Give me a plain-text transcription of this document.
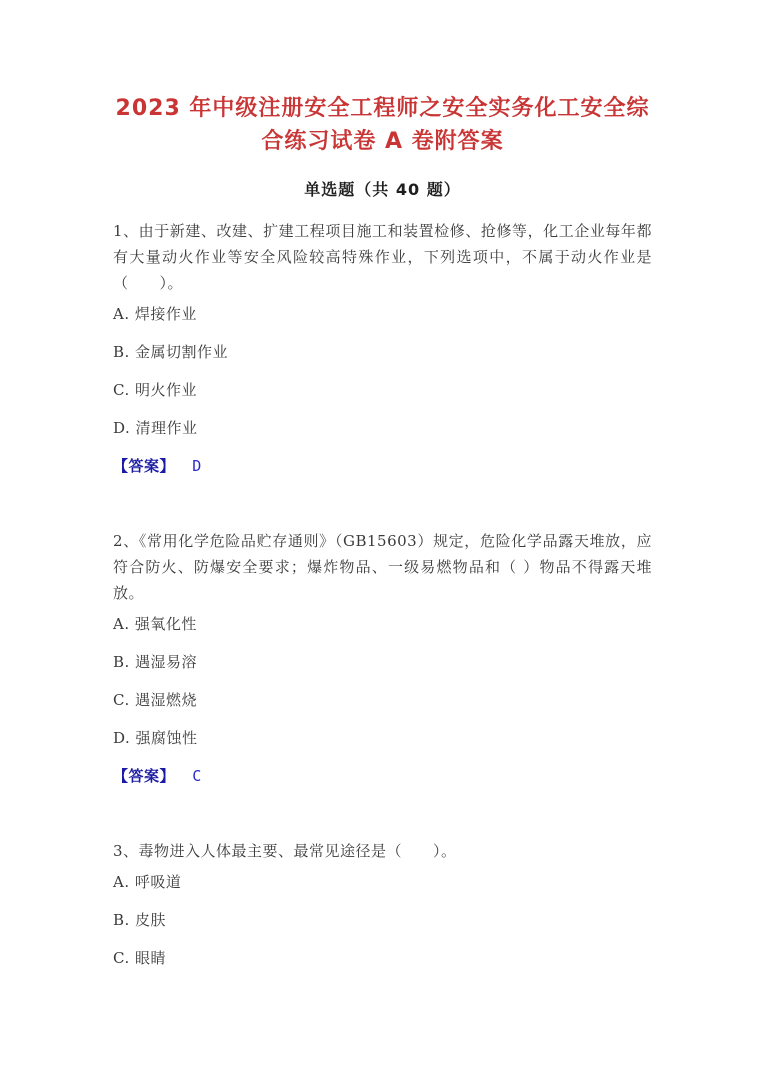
2023 年中级注册安全工程师之安全实务化工安全综合练习试卷 A 卷附答案
单选题（共 40 题）

1、由于新建、改建、扩建工程项目施工和装置检修、抢修等，化工企业每年都有大量动火作业等安全风险较高特殊作业，下列选项中，不属于动火作业是（　　）。

A. 焊接作业
B. 金属切割作业
C. 明火作业
D. 清理作业
【答案】 D

2、《常用化学危险品贮存通则》（GB15603）规定，危险化学品露天堆放，应符合防火、防爆安全要求；爆炸物品、一级易燃物品和（ ）物品不得露天堆放。

A. 强氧化性
B. 遇湿易溶
C. 遇湿燃烧
D. 强腐蚀性
【答案】 C

3、毒物进入人体最主要、最常见途径是（　　）。

A. 呼吸道
B. 皮肤
C. 眼睛
